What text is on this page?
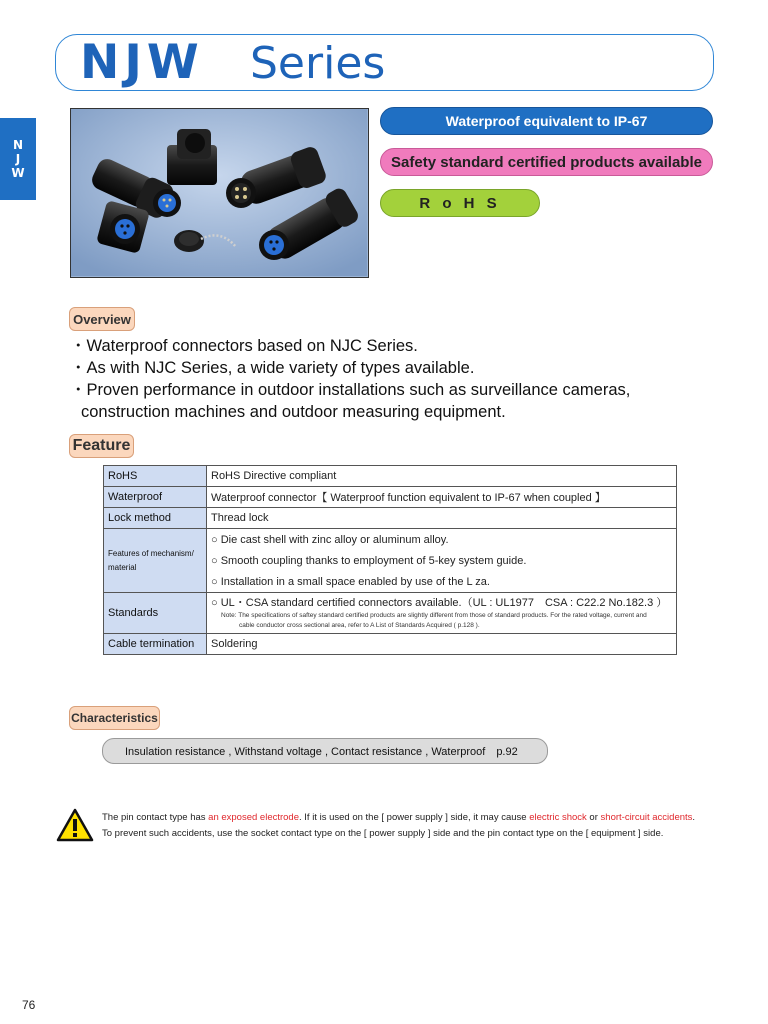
NJW Series
N
J
W
Waterproof equivalent to IP-67
Safety standard certified products available
R o H S
Overview
・Waterproof connectors based on NJC Series.
・As with NJC Series, a wide variety of types available.
・Proven performance in outdoor installations such as surveillance cameras,
construction machines and outdoor measuring equipment.
Feature
RoHS	RoHS Directive compliant
Waterproof	Waterproof connector【 Waterproof function equivalent to IP-67 when coupled 】
Lock method	Thread lock
Features of mechanism/ material	○ Die cast shell with zinc alloy or aluminum alloy.
○ Smooth coupling thanks to employment of 5-key system guide.
○ Installation in a small space enabled by use of the L za.

Standards	○ UL・CSA standard certified connectors available.（UL : UL1977　CSA : C22.2 No.182.3 ）
Note: The specifications of saftey standard certified products are slightly different from those of standard products. For the rated voltage, current and
cable conductor cross sectional area, refer to A List of Standards Acquired ( p.128 ).

Cable termination	Soldering
Characteristics
Insulation resistance , Withstand voltage , Contact resistance , Waterproof　p.92
The pin contact type has an exposed electrode. If it is used on the [ power supply ] side, it may cause electric shock or short-circuit accidents.
To prevent such accidents, use the socket contact type on the [ power supply ] side and the pin contact type on the [ equipment ] side.
76
